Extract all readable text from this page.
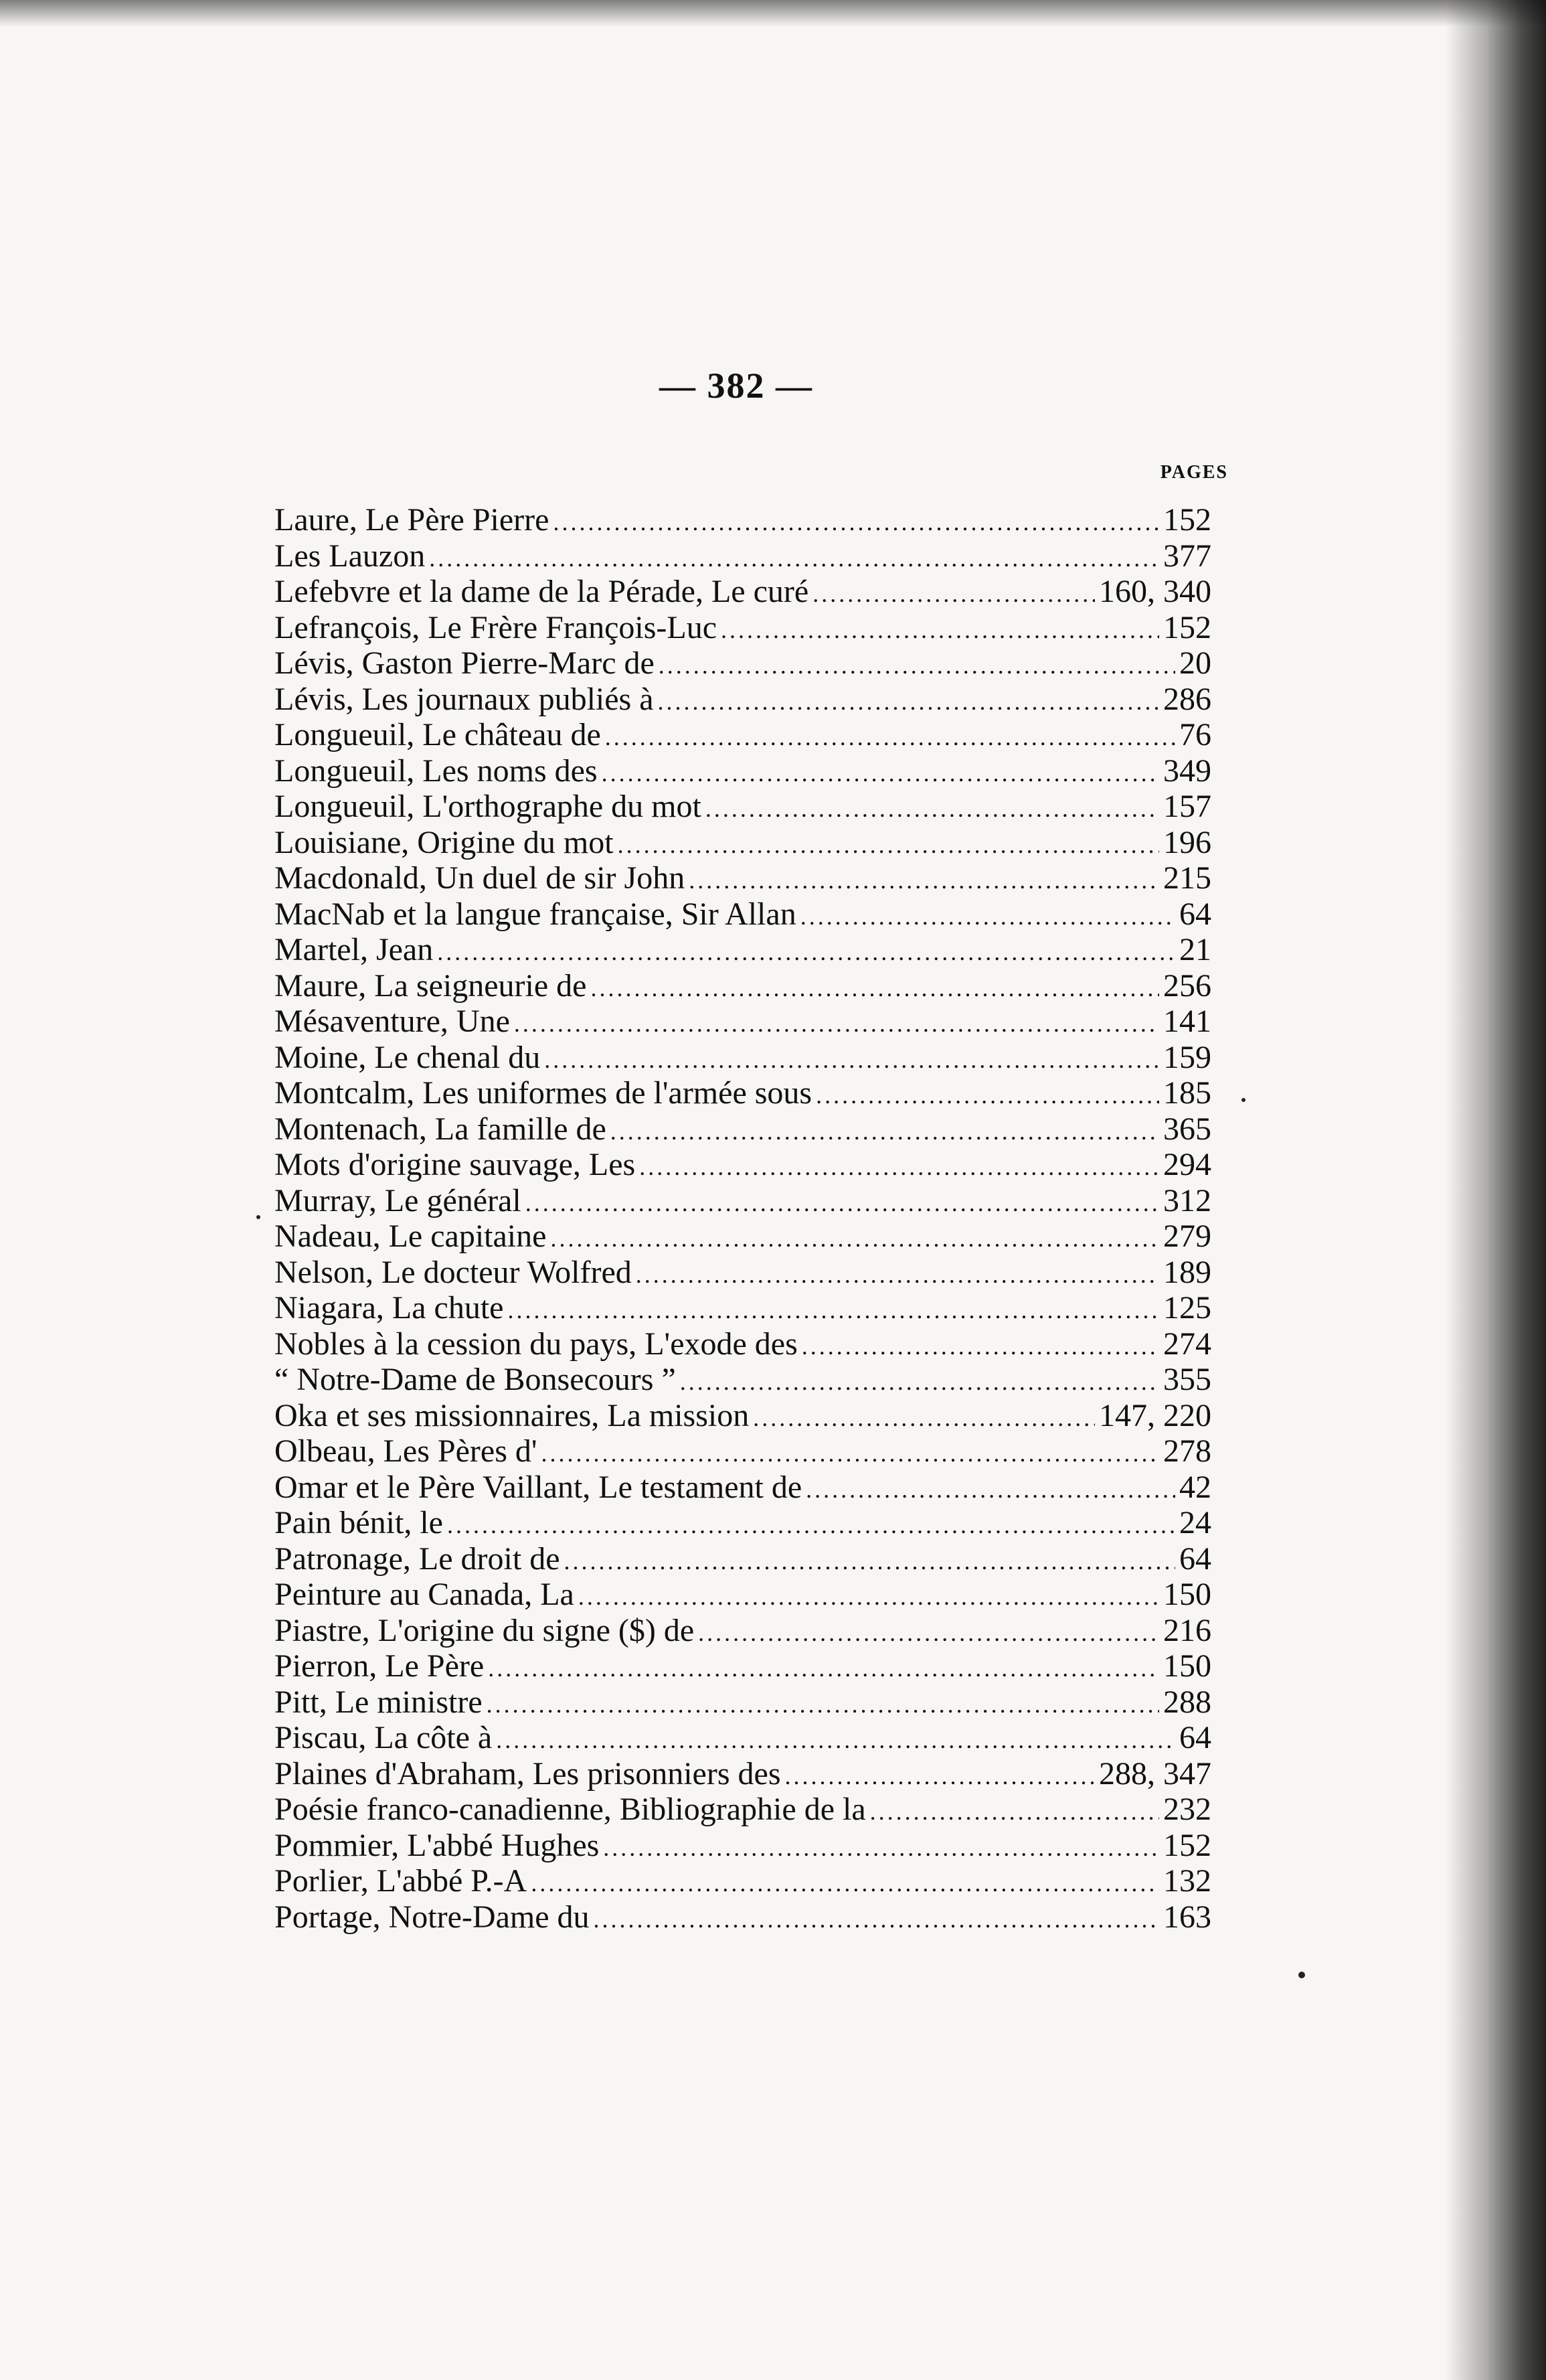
— 382 —
PAGES
Laure, Le Père Pierre .....	152
Les Lauzon .....	377
Lefebvre et la dame de la Pérade, Le curé .....	160, 340
Lefrançois, Le Frère François-Luc .....	152
Lévis, Gaston Pierre-Marc de .....	20
Lévis, Les journaux publiés à .....	286
Longueuil, Le château de .....	76
Longueuil, Les noms des .....	349
Longueuil, L'orthographe du mot .....	157
Louisiane, Origine du mot .....	196
Macdonald, Un duel de sir John .....	215
MacNab et la langue française, Sir Allan .....	64
Martel, Jean .....	21
Maure, La seigneurie de .....	256
Mésaventure, Une .....	141
Moine, Le chenal du .....	159
Montcalm, Les uniformes de l'armée sous .....	185
Montenach, La famille de .....	365
Mots d'origine sauvage, Les .....	294
Murray, Le général .....	312
Nadeau, Le capitaine .....	279
Nelson, Le docteur Wolfred .....	189
Niagara, La chute .....	125
Nobles à la cession du pays, L'exode des .....	274
“ Notre-Dame de Bonsecours ” .....	355
Oka et ses missionnaires, La mission .....	147, 220
Olbeau, Les Pères d' .....	278
Omar et le Père Vaillant, Le testament de .....	42
Pain bénit, le .....	24
Patronage, Le droit de .....	64
Peinture au Canada, La .....	150
Piastre, L'origine du signe ($) de .....	216
Pierron, Le Père .....	150
Pitt, Le ministre .....	288
Piscau, La côte à .....	64
Plaines d'Abraham, Les prisonniers des .....	288, 347
Poésie franco-canadienne, Bibliographie de la .....	232
Pommier, L'abbé Hughes .....	152
Porlier, L'abbé P.-A .....	132
Portage, Notre-Dame du .....	163
